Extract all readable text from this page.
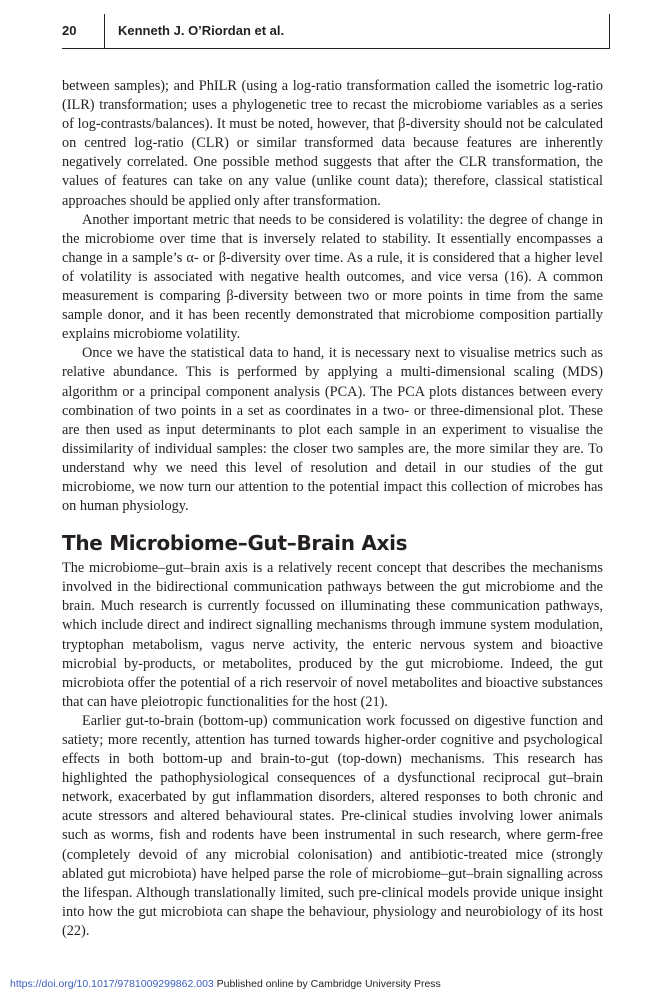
20	Kenneth J. O’Riordan et al.

between samples); and PhILR (using a log-ratio transformation called the isometric log-ratio (ILR) transformation; uses a phylogenetic tree to recast the microbiome variables as a series of log-contrasts/balances). It must be noted, however, that β-diversity should not be calculated on centred log-ratio (CLR) or similar transformed data because features are inherently negatively correlated. One possible method suggests that after the CLR transformation, the values of features can take on any value (unlike count data); therefore, classical statistical approaches should be applied only after transformation.

Another important metric that needs to be considered is volatility: the degree of change in the microbiome over time that is inversely related to stability. It essentially encompasses a change in a sample’s α- or β-diversity over time. As a rule, it is considered that a higher level of volatility is associated with negative health outcomes, and vice versa (16). A common measurement is comparing β-diversity between two or more points in time from the same sample donor, and it has been recently demonstrated that microbiome composition partially explains microbiome volatility.

Once we have the statistical data to hand, it is necessary next to visualise metrics such as relative abundance. This is performed by applying a multi-dimensional scaling (MDS) algorithm or a principal component analysis (PCA). The PCA plots distances between every combination of two points in a set as coordinates in a two- or three-dimensional plot. These are then used as input determinants to plot each sample in an experiment to visualise the dissimilarity of individual samples: the closer two samples are, the more similar they are. To understand why we need this level of resolution and detail in our studies of the gut microbiome, we now turn our attention to the potential impact this collection of microbes has on human physiology.

The Microbiome–Gut–Brain Axis

The microbiome–gut–brain axis is a relatively recent concept that describes the mechanisms involved in the bidirectional communication pathways between the gut microbiome and the brain. Much research is currently focussed on illuminating these communication pathways, which include direct and indirect signalling mechanisms through immune system modulation, tryptophan metabolism, vagus nerve activity, the enteric nervous system and bioactive microbial by-products, or metabolites, produced by the gut microbiome. Indeed, the gut microbiota offer the potential of a rich reservoir of novel metabolites and bioactive substances that can have pleiotropic functionalities for the host (21).

Earlier gut-to-brain (bottom-up) communication work focussed on digestive function and satiety; more recently, attention has turned towards higher-order cognitive and psychological effects in both bottom-up and brain-to-gut (top-down) mechanisms. This research has highlighted the pathophysiological consequences of a dysfunctional reciprocal gut–brain network, exacerbated by gut inflammation disorders, altered responses to both chronic and acute stressors and altered behavioural states. Pre-clinical studies involving lower animals such as worms, fish and rodents have been instrumental in such research, where germ-free (completely devoid of any microbial colonisation) and antibiotic-treated mice (strongly ablated gut microbiota) have helped parse the role of microbiome–gut–brain signalling across the lifespan. Although translationally limited, such pre-clinical models provide unique insight into how the gut microbiota can shape the behaviour, physiology and neurobiology of its host (22).

https://doi.org/10.1017/9781009299862.003 Published online by Cambridge University Press
